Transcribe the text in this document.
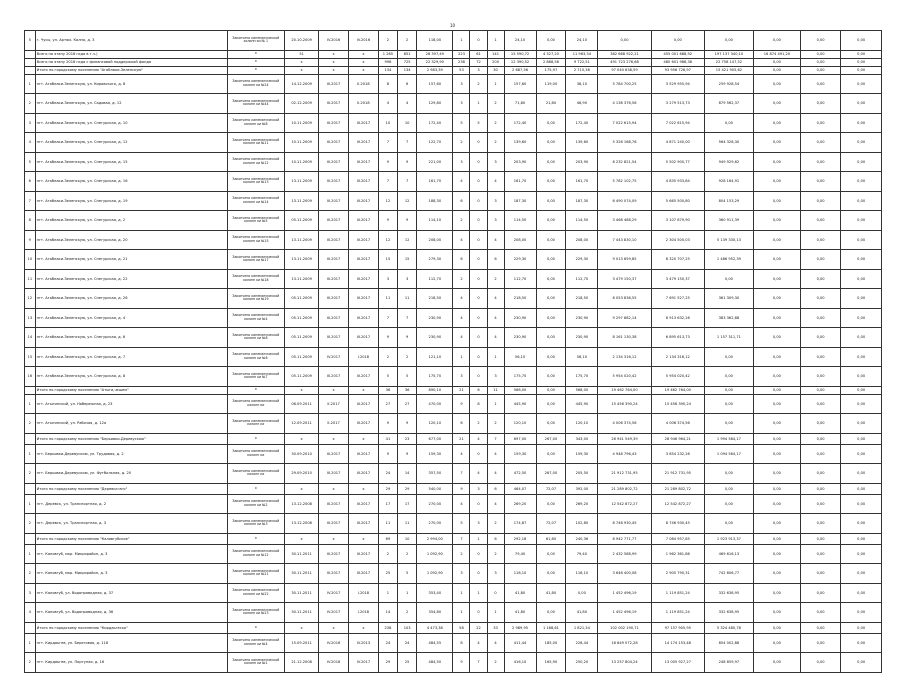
10
5	г. Чусы, ул. Артюх. Кална, д. 3	Закончено кинематической колонн ки № 1	20.10.2009	IV.2016	IV.2016	2	2	118,00	1	0	1	24,10	0,00	24,10	0,00	0,00	0,00	0,00	0,00	0,00
	Всего по этапу 2016 года в т.ч.)	х	51	х	х	1 265	851	28 397,49	223	61	141	15 590,72	4 327,20	11 963,34	382 668 922,21	455 001 688,92	197 137 340,10	16 874 491,20	0,00	0,00
	Всего по этапу 2016 года с финансовой поддержкой фонда	х	х	х	х	998	725	22 329,90	238	72	200	12 390,52	2 888,58	9 722,51	491 723 276,68	480 601 988,38	22 758 147,52	0,00	0,00	0,00
	Итого по городскому поселению "Агаблаки-Зеленскую"	х	х	х	х	134	134	2 983,39	53	3	30	2 687,56	175,97	2 715,36	97 040 638,59	93 956 726,97	15 421 905,62	0,00	0,00	0,00
1	пгт. Агаблаки-Зеленскую, ул. Кировского, д. 8	Закончено кинематической колонн ки №24	14.12.2009	III.2017	II.2018	8	6	157,60	3	2	1	157,60	119,00	38,10	5 784 700,25	3 529 955,94	259 928,54	0,00	0,00	0,00
2	пгт. Агаблаки-Зеленскую, ул. Садовая, д. 12	Закончено кинематической колонн ки №44	02.12.2009	III.2017	II.2018	4	4	129,80	3	1	2	71,80	21,80	46,90	4 136 376,56	3 279 513,73	879 562,37	0,00	0,00	0,00
3	пгт. Агаблаки-Зеленскую, ул. Снегурская, д. 10	Закончено кинематической колонн ки №8	10.11.2009	III.2017	III.2017	10	10	172,40	5	5	2	172,40	0,00	172,40	7 022 615,94	7 022 615,94	0,00	0,00	0,00	0,00
4	пгт. Агаблаки-Зеленскую, ул. Снегурская, д. 12	Закончено кинематической колонн ки №11	10.11.2009	III.2017	III.2017	7	7	122,70	2	0	2	139,60	0,00	139,60	5 326 168,76	4 871 240,00	564 328,30	0,00	0,00	0,00
5	пгт. Агаблаки-Зеленскую, ул. Снегурская, д. 15	Закончено кинематической колонн ки №12	10.11.2009	III.2017	III.2017	9	9	221,00	3	0	3	203,90	0,00	203,90	8 232 821,54	5 502 900,77	949 929,62	0,00	0,00	0,00
6	пгт. Агаблаки-Зеленскую, ул. Снегурская, д. 16	Закончено кинематической колонн ки №13	13.11.2009	III.2017	III.2017	7	7	161,70	4	0	4	161,70	0,00	161,70	5 782 102,75	4 835 933,84	928 164,91	0,00	0,00	0,00
7	пгт. Агаблаки-Зеленскую, ул. Снегурская, д. 19	Закончено кинематической колонн ки №14	13.11.2009	III.2017	III.2017	12	12	188,30	6	0	3	187,30	0,00	187,30	6 490 074,09	5 665 500,80	804 153,29	0,00	0,00	0,00
8	пгт. Агаблаки-Зеленскую, ул. Снегурская, д. 2	Закончено кинематической колонн ки №5	05.11.2009	III.2017	III.2017	9	9	114,10	2	0	3	114,50	0,00	114,50	3 468 488,29	3 107 879,90	360 911,39	0,00	0,00	0,00
9	пгт. Агаблаки-Зеленскую, ул. Снегурская, д. 20	Закончено кинематической колонн ки №15	13.11.2009	III.2017	III.2017	12	12	208,00	4	0	4	208,00	0,00	208,00	7 443 830,10	2 304 500,03	5 139 330,13	0,00	0,00	0,00
10	пгт. Агаблаки-Зеленскую, ул. Снегурская, д. 21	Закончено кинематической колонн ки №17	13.11.2009	III.2017	III.2017	15	15	279,30	6	0	6	229,30	0,00	229,30	9 013 659,85	8 320 707,25	1 486 952,39	0,00	0,00	0,00
11	пгт. Агаблаки-Зеленскую, ул. Снегурская, д. 22	Закончено кинематической колонн ки №18	13.11.2009	III.2017	III.2017	3	3	112,70	2	0	2	112,70	0,00	112,70	3 479 150,37	3 479 150,37	0,00	0,00	0,00	0,00
12	пгт. Агаблаки-Зеленскую, ул. Снегурская, д. 26	Закончено кинематической колонн ки №19	05.11.2009	III.2017	III.2017	11	11	218,50	4	0	4	218,50	0,00	218,50	8 053 836,55	7 691 527,25	361 309,30	0,00	0,00	0,00
13	пгт. Агаблаки-Зеленскую, ул. Снегурская, д. 4	Закончено кинематической колонн ки №4	05.11.2009	III.2017	III.2017	7	7	230,90	4	0	4	230,90	0,00	230,90	9 297 882,14	8 913 632,26	383 362,88	0,00	0,00	0,00
14	пгт. Агаблаки-Зеленскую, ул. Снегурская, д. 6	Закончено кинематической колонн ки №6	05.11.2009	III.2017	III.2017	9	9	230,90	4	0	4	230,90	0,00	230,90	8 161 130,38	6 895 613,73	1 157 311,71	0,00	0,00	0,00
15	пгт. Агаблаки-Зеленскую, ул. Снегурская, д. 7	Закончено кинематической колонн ки №6	05.11.2009	IV.2017	I.2018	2	2	121,10	1	0	1	56,10	0,00	56,10	2 134 316,12	2 134 316,12	0,00	0,00	0,00	0,00
16	пгт. Агаблаки-Зеленскую, ул. Снегурская, д. 8	Закончено кинематической колонн ки №7	05.11.2009	III.2017	III.2017	5	5	175,70	3	0	3	175,70	0,00	175,70	5 954 020,42	5 954 020,42	0,00	0,00	0,00	0,00
	Итого по городскому поселению "Атыги,чешем"	х	х	х	х	36	36	890,10	21	6	11	568,00	0,00	568,00	19 462 764,00	19 462 764,00	0,00	0,00	0,00	0,00
1	пгт. Атыгинский, ул. Набережная, д. 23	Закончено кинематической колонн ки	06.09.2011	II.2017	III.2017	27	27	470,00	9	8	1	445,90	0,00	445,90	15 456 390,24	15 456 390,24	0,00	0,00	0,00	0,00
2	пгт. Атыгинский, ул. Рабочая, д. 12а	Закончено кинематической колонн ки	12.09.2011	II.2017	III.2017	9	9	120,10	6	2	2	120,10	0,00	120,10	4 006 374,56	4 006 374,56	0,00	0,00	0,00	0,00
	Итого по городскому поселению "Берьовки-Деревускою"	х	х	х	х	41	23	677,00	21	4	7	697,00	267,00	343,00	26 941 549,39	28 946 964,21	1 994 584,17	0,00	0,00	0,00
1	пгт. Берьовки-Деревускою, ул. Трудовая, д. 2	Закончено кинематической колонн ки	30.09.2010	III.2017	III.2017	9	9	159,30	4	0	4	159,30	0,00	159,30	4 948 796,43	3 854 232,26	1 094 564,17	0,00	0,00	0,00
2	пгт. Берьовки-Деревускою, ул. Футбольная, д. 20	Закончено кинематической колонн ки	29.09.2010	III.2017	III.2017	24	14	357,50	7	4	4	472,50	267,00	205,50	21 912 731,95	21 912 731,95	0,00	0,00	0,00	0,00
	Итого по городскому поселению "Деревскгаго"	х	х	х	х	29	29	540,00	9	3	6	464,07	72,07	392,00	21 289 802,72	21 289 802,72	0,00	0,00	0,00	0,00
1	пгт. Деревск, ул. Транспортная, д. 2	Закончено кинематической колонн ки №2	13.12.2008	III.2017	III.2017	17	17	270,00	4	0	4	269,20	0,00	269,20	12 542 872,27	12 542 872,27	0,00	0,00	0,00	0,00
2	пгт. Деревск, ул. Транспортная, д. 3	Закончено кинематической колонн ки №3	13.12.2008	III.2017	III.2017	11	11	270,00	5	3	2	174,87	72,07	102,80	8 746 930,45	8 746 930,45	0,00	0,00	0,00	0,00
	Итого по городскому поселению "Каловгубское"	х	х	х	х	69	10	2 994,00	7	1	6	292,18	61,80	240,36	8 942 771,77	7 084 957,85	1 923 913,37	0,00	0,00	0,00
1	пгт. Каловгуб, мкр. Микрорайон, д. 3	Закончено кинематической колонн ки №12	30.11.2011	III.2017	III.2017	2	2	1 092,90	2	0	2	79,40	0,00	79,40	2 432 588,99	1 962 361,86	469 616,13	0,00	0,00	0,00
2	пгт. Каловгуб, мкр. Микрорайон, д. 3	Закончено кинематической колонн ки №21	30.11.2011	III.2017	III.2017	25	5	1 092,90	3	0	3	118,10	0,00	118,10	3 648 400,08	2 905 790,31	742 606,77	0,00	0,00	0,00
3	пгт. Каловгуб, ул. Водопроводная, д. 37	Закончено кинематической колонн ки №22	30.11.2011	IV.2017	I.2018	1	1	353,40	1	1	0	41,80	41,80	0,00	1 452 496,19	1 119 851,24	332 638,95	0,00	0,00	0,00
4	пгт. Каловгуб, ул. Водопроводная, д. 36	Закончено кинематической колонн ки №23	30.11.2011	IV.2017	I.2018	14	2	354,80	1	0	1	41,80	0,00	41,80	1 452 496,19	1 119 851,24	332 638,95	0,00	0,00	0,00
	Итого по городскому поселению "Кирдаьгеско"	х	х	х	х	238	103	4 473,38	58	22	33	2 989,95	1 168,61	1 821,34	102 002 190,71	97 157 905,95	5 324 480,78	0,00	0,00	0,00
1	пгт. Кирдаьгев, ул. Береговая, д. 118	Закончено кинематической колонн ки №4	15.09.2011	IV.2016	IV.2013	24	24	484,55	8	4	4	411,44	185,00	226,44	16 649 072,28	14 174 153,48	854 002,88	0,00	0,00	0,00
2	пгт. Кирдаьгев, ул. Портуная, д. 16	Закончено кинематической колонн ки №1	21.12.2008	IV.2016	IV.2017	29	25	484,50	9	7	2	416,10	165,90	250,20	13 257 804,24	13 005 927,27	248 859,97	0,00	0,00	0,00
